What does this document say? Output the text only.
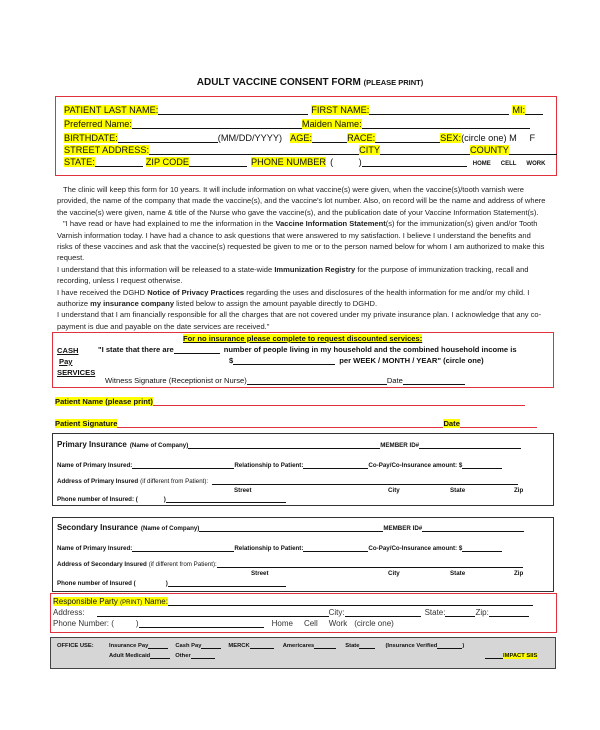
ADULT VACCINE CONSENT FORM (PLEASE PRINT)
PATIENT LAST NAME:	FIRST NAME:	MI:
Preferred Name:	Maiden Name:
BIRTHDATE:	(MM/DD/YYYY) AGE:	RACE:	SEX: (circle one) M     F
STREET ADDRESS:	CITY	COUNTY
STATE:	ZIP CODE	PHONE NUMBER (          )	HOME CELL WORK

The clinic will keep this form for 10 years. It will include information on what vaccine(s) were given, when the vaccine(s)/tooth varnish were provided, the name of the company that made the vaccine(s), and the vaccine's lot number. Also, on record will be the name and address of where the vaccine(s) were given, name & title of the Nurse who gave the vaccine(s), and the publication date of your Vaccine Information Statement(s).

"I have read or have had explained to me the information in the Vaccine Information Statement(s) for the immunization(s) given and/or Tooth Varnish information today. I have had a chance to ask questions that were answered to my satisfaction. I believe I understand the benefits and risks of these vaccines and ask that the vaccine(s) requested be given to me or to the person named below for whom I am authorized to make this request.

I understand that this information will be released to a state-wide Immunization Registry for the purpose of immunization tracking, recall and recording, unless I request otherwise.

I have received the DGHD Notice of Privacy Practices regarding the uses and disclosures of the health information for me and/or my child. I authorize my insurance company listed below to assign the amount payable directly to DGHD.

I understand that I am financially responsible for all the charges that are not covered under my private insurance plan. I acknowledge that any co-payment is due and payable on the date services are received."

For no insurance please complete to request discounted services:
CASH
Pay
SERVICES
"I state that there are	number of people living in my household and the combined household income is
$	per WEEK / MONTH / YEAR" (circle one)
Witness Signature (Receptionist or Nurse)	Date
Patient Name (please print)
Patient Signature	Date
Primary Insurance (Name of Company)	MEMBER ID#
Name of Primary Insured:	Relationship to Patient:	Co-Pay/Co-Insurance amount: $
Address of Primary Insured (if different from Patient):
Street	City	State	Zip
Phone number of Insured: (	)
Secondary Insurance (Name of Company)	MEMBER ID#
Name of Primary Insured:	Relationship to Patient:	Co-Pay/Co-Insurance amount: $
Address of Secondary Insured (if different from Patient):
Street	City	State	Zip
Phone number of Insured (	)
Responsible Party (PRINT) Name:
Address:	City:	State:	Zip:
Phone Number: (	)	Home Cell Work (circle one)
OFFICE USE:	Insurance Pay	Cash Pay	MERCK	Americares	State	(Insurance Verified	)
Adult Medicaid	Other	IMPACT SIIS
